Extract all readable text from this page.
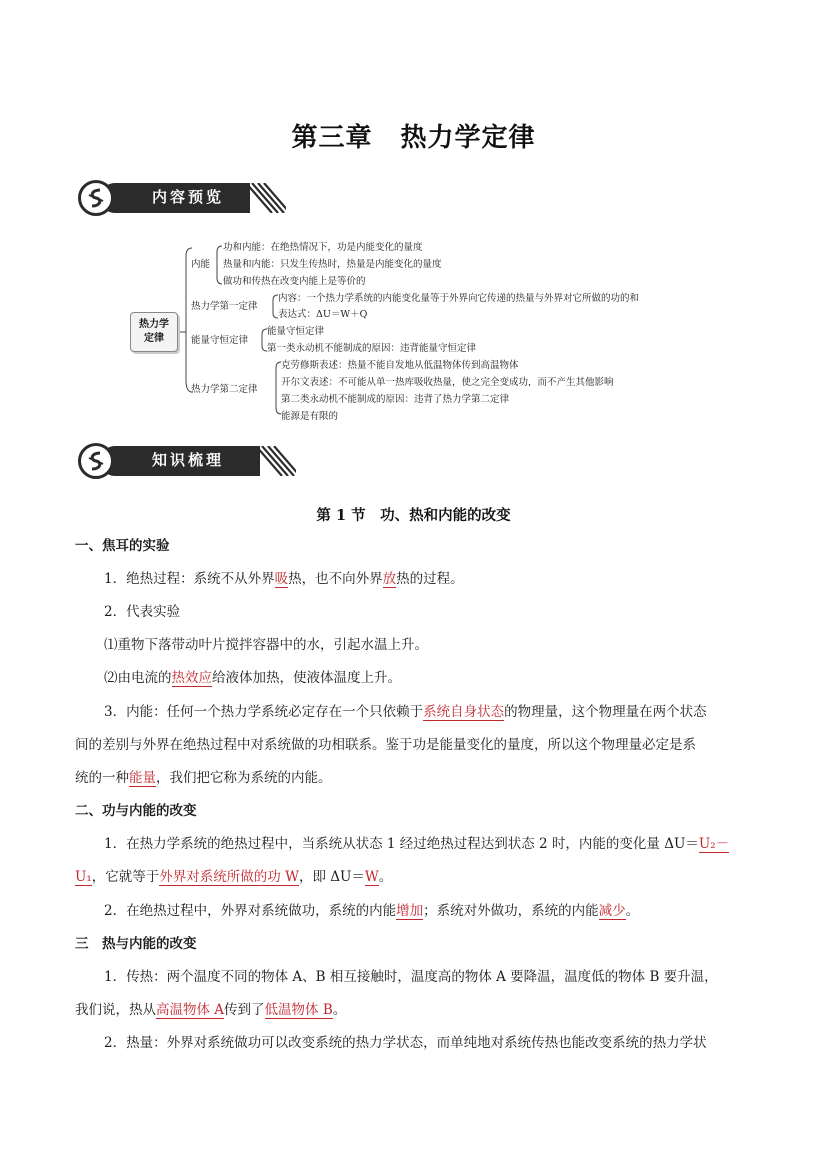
第三章 热力学定律
内容预览
热力学
定律
内能
功和内能：在绝热情况下，功是内能变化的量度
热量和内能：只发生传热时，热量是内能变化的量度
做功和传热在改变内能上是等价的
热力学第一定律
内容：一个热力学系统的内能变化量等于外界向它传递的热量与外界对它所做的功的和
表达式：ΔU＝W＋Q
能量守恒定律
能量守恒定律
第一类永动机不能制成的原因：违背能量守恒定律
热力学第二定律
克劳修斯表述：热量不能自发地从低温物体传到高温物体
开尔文表述：不可能从单一热库吸收热量，使之完全变成功，而不产生其他影响
第二类永动机不能制成的原因：违背了热力学第二定律
能源是有限的
知识梳理
第 1 节　功、热和内能的改变
一、焦耳的实验
1．绝热过程：系统不从外界吸热，也不向外界放热的过程。
2．代表实验
⑴重物下落带动叶片搅拌容器中的水，引起水温上升。
⑵由电流的热效应给液体加热，使液体温度上升。
3．内能：任何一个热力学系统必定存在一个只依赖于系统自身状态的物理量，这个物理量在两个状态
间的差别与外界在绝热过程中对系统做的功相联系。鉴于功是能量变化的量度，所以这个物理量必定是系
统的一种能量，我们把它称为系统的内能。
二、功与内能的改变
1．在热力学系统的绝热过程中，当系统从状态 1 经过绝热过程达到状态 2 时，内能的变化量 ΔU＝U₂－
U₁，它就等于外界对系统所做的功 W，即 ΔU＝W。
2．在绝热过程中，外界对系统做功，系统的内能增加；系统对外做功，系统的内能减少。
三　热与内能的改变
1．传热：两个温度不同的物体 A、B 相互接触时，温度高的物体 A 要降温，温度低的物体 B 要升温，
我们说，热从高温物体 A传到了低温物体 B。
2．热量：外界对系统做功可以改变系统的热力学状态，而单纯地对系统传热也能改变系统的热力学状
